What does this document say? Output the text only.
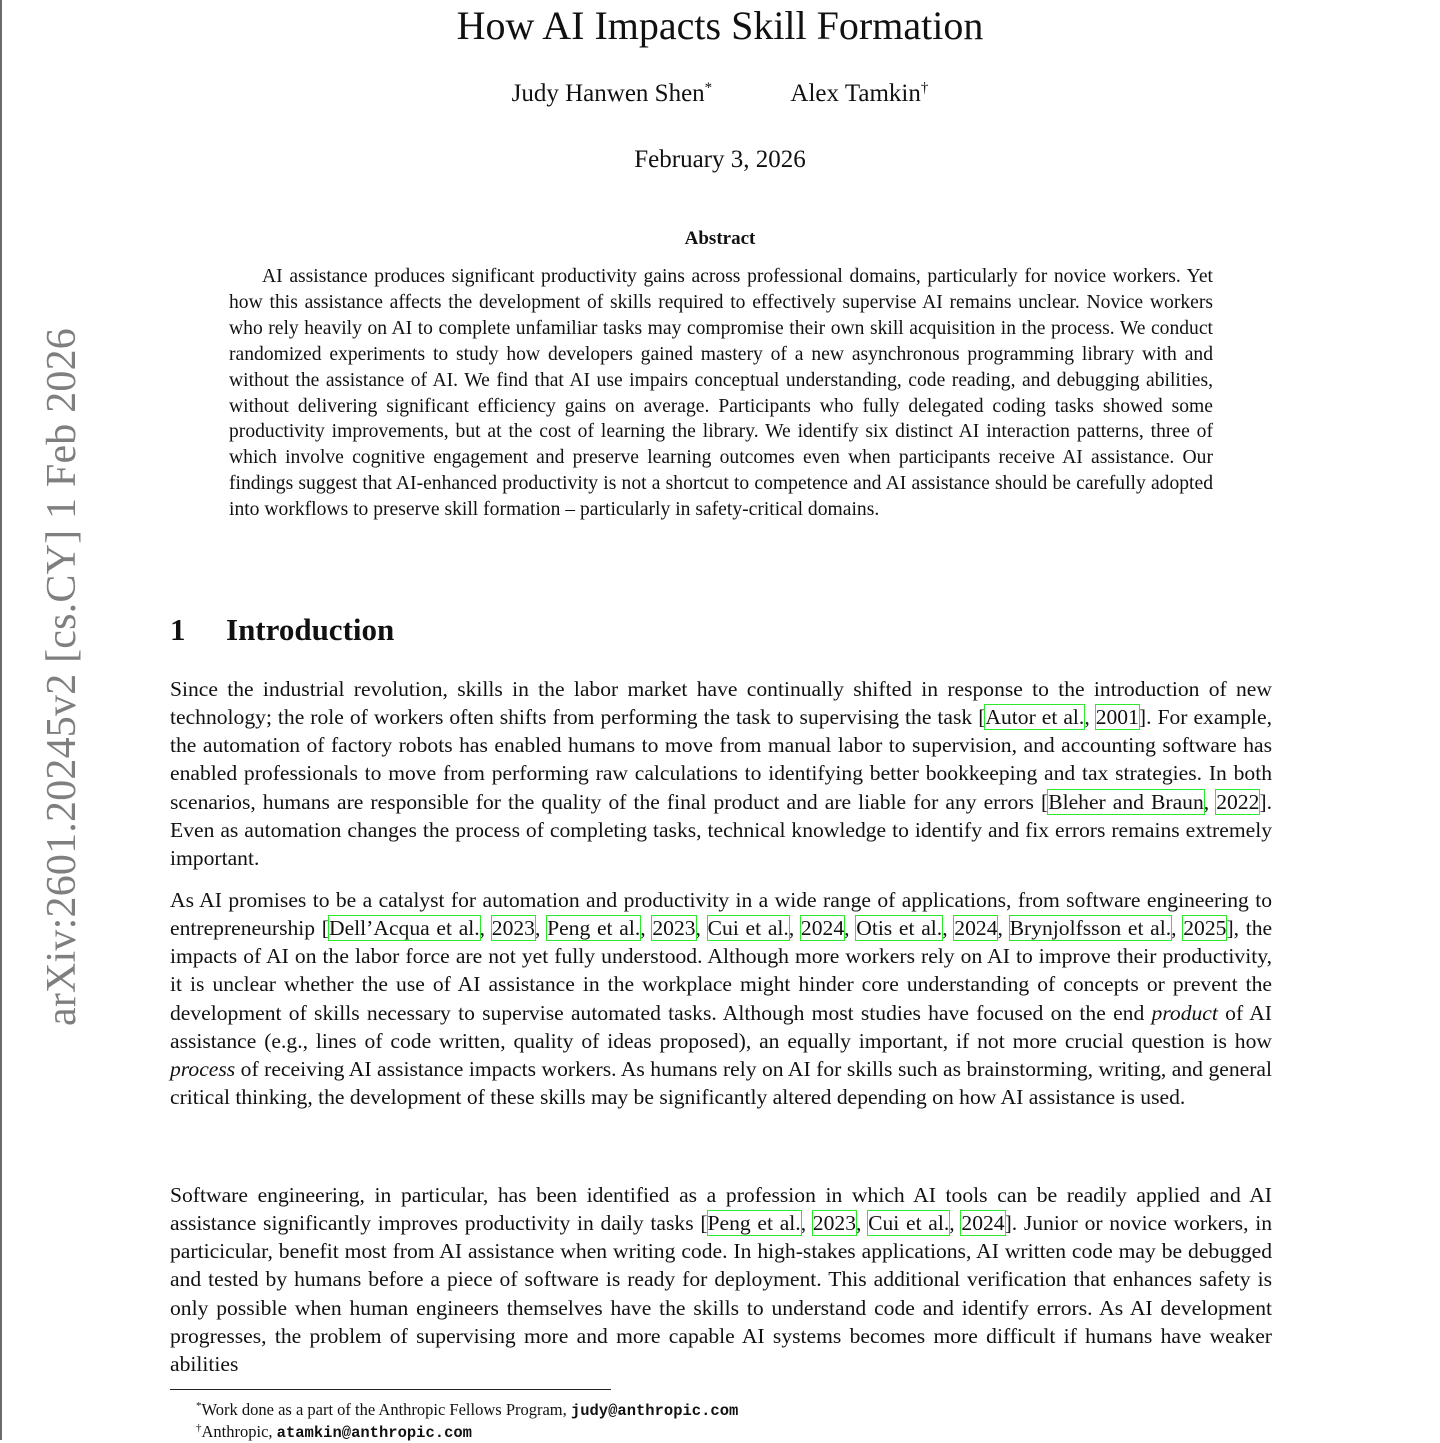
arXiv:2601.20245v2 [cs.CY] 1 Feb 2026
How AI Impacts Skill Formation
Judy Hanwen Shen*	Alex Tamkin†
February 3, 2026
Abstract
AI assistance produces significant productivity gains across professional domains, particularly for novice workers. Yet how this assistance affects the development of skills required to effectively supervise AI remains unclear. Novice workers who rely heavily on AI to complete unfamiliar tasks may compromise their own skill acquisition in the process. We conduct randomized experiments to study how developers gained mastery of a new asynchronous programming library with and without the assistance of AI. We find that AI use impairs conceptual understanding, code reading, and debugging abilities, without delivering significant efficiency gains on average. Participants who fully delegated coding tasks showed some productivity improvements, but at the cost of learning the library. We identify six distinct AI interaction patterns, three of which involve cognitive engagement and preserve learning outcomes even when participants receive AI assistance. Our findings suggest that AI-enhanced productivity is not a shortcut to competence and AI assistance should be carefully adopted into workflows to preserve skill formation – particularly in safety-critical domains.
1 Introduction
Since the industrial revolution, skills in the labor market have continually shifted in response to the introduction of new technology; the role of workers often shifts from performing the task to supervising the task [Autor et al., 2001]. For example, the automation of factory robots has enabled humans to move from manual labor to supervision, and accounting software has enabled professionals to move from performing raw calculations to identifying better bookkeeping and tax strategies. In both scenarios, humans are responsible for the quality of the final product and are liable for any errors [Bleher and Braun, 2022]. Even as automation changes the process of completing tasks, technical knowledge to identify and fix errors remains extremely important.
As AI promises to be a catalyst for automation and productivity in a wide range of applications, from software engineering to entrepreneurship [Dell’Acqua et al., 2023, Peng et al., 2023, Cui et al., 2024, Otis et al., 2024, Brynjolfsson et al., 2025], the impacts of AI on the labor force are not yet fully understood. Although more workers rely on AI to improve their productivity, it is unclear whether the use of AI assistance in the workplace might hinder core understanding of concepts or prevent the development of skills necessary to supervise automated tasks. Although most studies have focused on the end product of AI assistance (e.g., lines of code written, quality of ideas proposed), an equally important, if not more crucial question is how process of receiving AI assistance impacts workers. As humans rely on AI for skills such as brainstorming, writing, and general critical thinking, the development of these skills may be significantly altered depending on how AI assistance is used.
Software engineering, in particular, has been identified as a profession in which AI tools can be readily applied and AI assistance significantly improves productivity in daily tasks [Peng et al., 2023, Cui et al., 2024]. Junior or novice workers, in particicular, benefit most from AI assistance when writing code. In high-stakes applications, AI written code may be debugged and tested by humans before a piece of software is ready for deployment. This additional verification that enhances safety is only possible when human engineers themselves have the skills to understand code and identify errors. As AI development progresses, the problem of supervising more and more capable AI systems becomes more difficult if humans have weaker abilities
*Work done as a part of the Anthropic Fellows Program, judy@anthropic.com
†Anthropic, atamkin@anthropic.com
